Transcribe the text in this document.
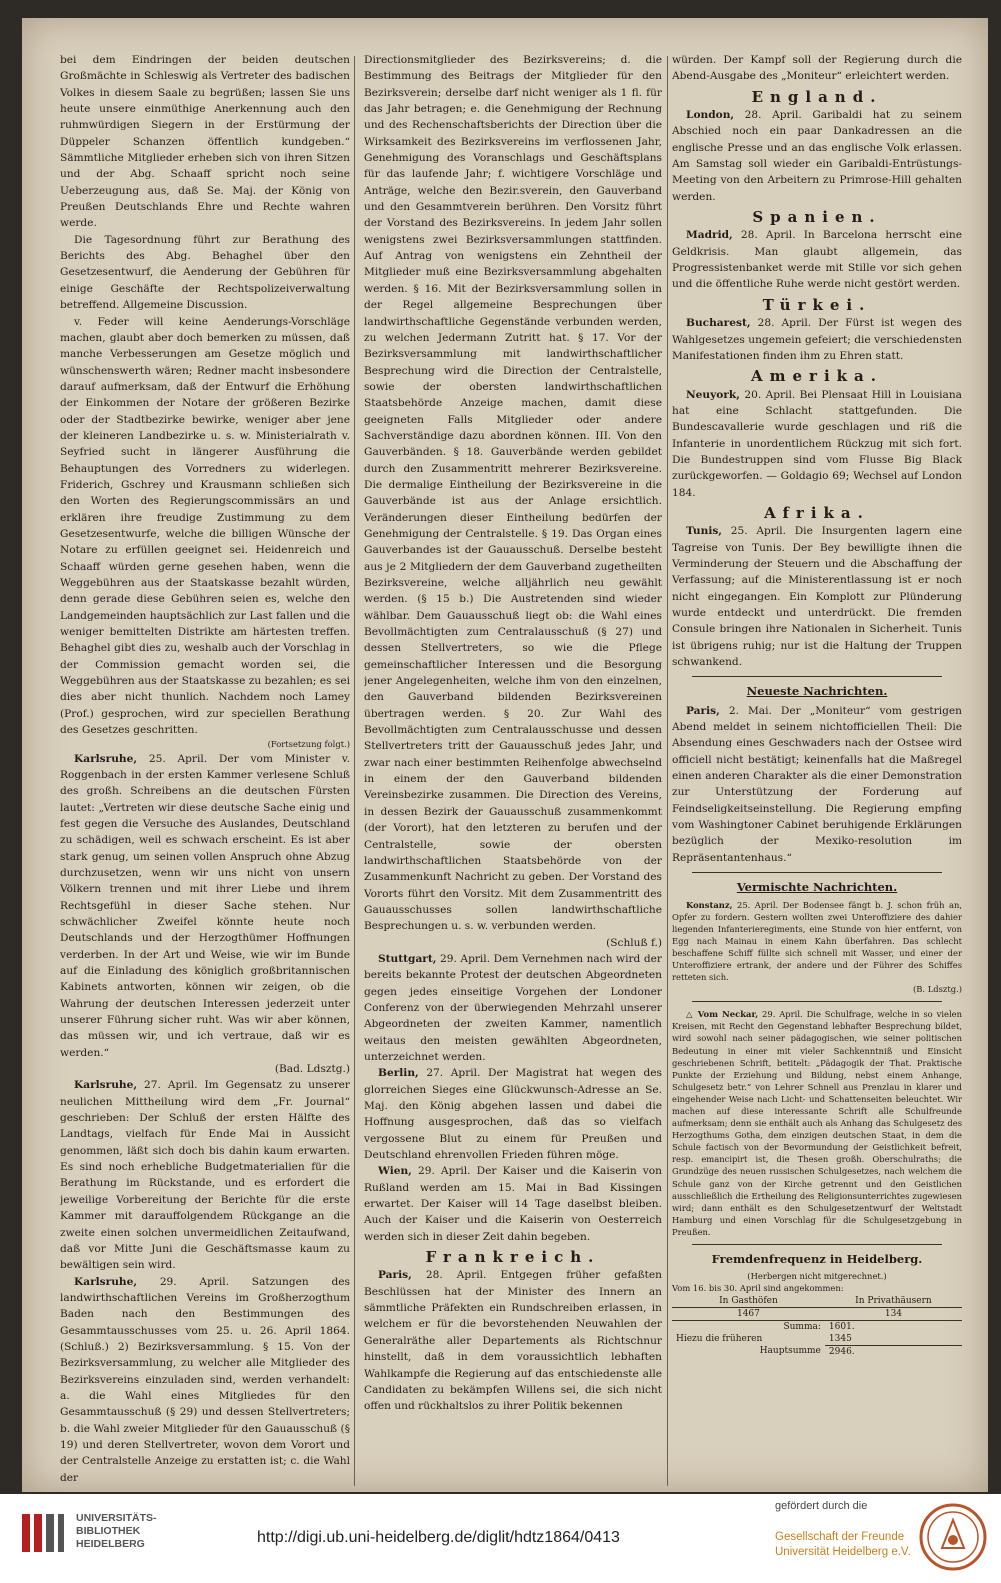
bei dem Eindringen der beiden deutschen Großmächte in Schleswig als Vertreter des badischen Volkes in diesem Saale zu begrüßen; lassen Sie uns heute unsere einmüthige Anerkennung auch den ruhmwürdigen Siegern in der Erstürmung der Düppeler Schanzen öffentlich kundgeben.“ Sämmtliche Mitglieder erheben sich von ihren Sitzen und der Abg. Schaaff spricht noch seine Ueberzeugung aus, daß Se. Maj. der König von Preußen Deutschlands Ehre und Rechte wahren werde.

Die Tagesordnung führt zur Berathung des Berichts des Abg. Behaghel über den Gesetzesentwurf, die Aenderung der Gebühren für einige Geschäfte der Rechtspolizeiverwaltung betreffend. Allgemeine Discussion.

v. Feder will keine Aenderungs-Vorschläge machen, glaubt aber doch bemerken zu müssen, daß manche Verbesserungen am Gesetze möglich und wünschenswerth wären; Redner macht insbesondere darauf aufmerksam, daß der Entwurf die Erhöhung der Einkommen der Notare der größeren Bezirke oder der Stadtbezirke bewirke, weniger aber jene der kleineren Landbezirke u. s. w. Ministerialrath v. Seyfried sucht in längerer Ausführung die Behauptungen des Vorredners zu widerlegen. Friderich, Gschrey und Krausmann schließen sich den Worten des Regierungscommissärs an und erklären ihre freudige Zustimmung zu dem Gesetzesentwurfe, welche die billigen Wünsche der Notare zu erfüllen geeignet sei. Heidenreich und Schaaff würden gerne gesehen haben, wenn die Weggebühren aus der Staatskasse bezahlt würden, denn gerade diese Gebühren seien es, welche den Landgemeinden hauptsächlich zur Last fallen und die weniger bemittelten Distrikte am härtesten treffen. Behaghel gibt dies zu, weshalb auch der Vorschlag in der Commission gemacht worden sei, die Weggebühren aus der Staatskasse zu bezahlen; es sei dies aber nicht thunlich. Nachdem noch Lamey (Prof.) gesprochen, wird zur speciellen Berathung des Gesetzes geschritten.

(Fortsetzung folgt.)

Karlsruhe, 25. April. Der vom Minister v. Roggenbach in der ersten Kammer verlesene Schluß des großh. Schreibens an die deutschen Fürsten lautet: „Vertreten wir diese deutsche Sache einig und fest gegen die Versuche des Auslandes, Deutschland zu schädigen, weil es schwach erscheint. Es ist aber stark genug, um seinen vollen Anspruch ohne Abzug durchzusetzen, wenn wir uns nicht von unsern Völkern trennen und mit ihrer Liebe und ihrem Rechtsgefühl in dieser Sache stehen. Nur schwächlicher Zweifel könnte heute noch Deutschlands und der Herzogthümer Hoffnungen verderben. In der Art und Weise, wie wir im Bunde auf die Einladung des königlich großbritannischen Kabinets antworten, können wir zeigen, ob die Wahrung der deutschen Interessen jederzeit unter unserer Führung sicher ruht. Was wir aber können, das müssen wir, und ich vertraue, daß wir es werden.“

(Bad. Ldsztg.)

Karlsruhe, 27. April. Im Gegensatz zu unserer neulichen Mittheilung wird dem „Fr. Journal“ geschrieben: Der Schluß der ersten Hälfte des Landtags, vielfach für Ende Mai in Aussicht genommen, läßt sich doch bis dahin kaum erwarten. Es sind noch erhebliche Budgetmaterialien für die Berathung im Rückstande, und es erfordert die jeweilige Vorbereitung der Berichte für die erste Kammer mit darauffolgendem Rückgange an die zweite einen solchen unvermeidlichen Zeitaufwand, daß vor Mitte Juni die Geschäftsmasse kaum zu bewältigen sein wird.

Karlsruhe, 29. April. Satzungen des landwirthschaftlichen Vereins im Großherzogthum Baden nach den Bestimmungen des Gesammtausschusses vom 25. u. 26. April 1864. (Schluß.) 2) Bezirksversammlung. § 15. Von der Bezirksversammlung, zu welcher alle Mitglieder des Bezirksvereins einzuladen sind, werden verhandelt: a. die Wahl eines Mitgliedes für den Gesammtausschuß (§ 29) und dessen Stellvertreters; b. die Wahl zweier Mitglieder für den Gauausschuß (§ 19) und deren Stellvertreter, wovon dem Vorort und der Centralstelle Anzeige zu erstatten ist; c. die Wahl der

Directionsmitglieder des Bezirksvereins; d. die Bestimmung des Beitrags der Mitglieder für den Bezirksverein; derselbe darf nicht weniger als 1 fl. für das Jahr betragen; e. die Genehmigung der Rechnung und des Rechenschaftsberichts der Direction über die Wirksamkeit des Bezirksvereins im verflossenen Jahr, Genehmigung des Voranschlags und Geschäftsplans für das laufende Jahr; f. wichtigere Vorschläge und Anträge, welche den Bezir.sverein, den Gauverband und den Gesammtverein berühren. Den Vorsitz führt der Vorstand des Bezirksvereins. In jedem Jahr sollen wenigstens zwei Bezirksversammlungen stattfinden. Auf Antrag von wenigstens ein Zehntheil der Mitglieder muß eine Bezirksversammlung abgehalten werden. § 16. Mit der Bezirksversammlung sollen in der Regel allgemeine Besprechungen über landwirthschaftliche Gegenstände verbunden werden, zu welchen Jedermann Zutritt hat. § 17. Vor der Bezirksversammlung mit landwirthschaftlicher Besprechung wird die Direction der Centralstelle, sowie der obersten landwirthschaftlichen Staatsbehörde Anzeige machen, damit diese geeigneten Falls Mitglieder oder andere Sachverständige dazu abordnen können. III. Von den Gauverbänden. § 18. Gauverbände werden gebildet durch den Zusammentritt mehrerer Bezirksvereine. Die dermalige Eintheilung der Bezirksvereine in die Gauverbände ist aus der Anlage ersichtlich. Veränderungen dieser Eintheilung bedürfen der Genehmigung der Centralstelle. § 19. Das Organ eines Gauverbandes ist der Gauausschuß. Derselbe besteht aus je 2 Mitgliedern der dem Gauverband zugetheilten Bezirksvereine, welche alljährlich neu gewählt werden. (§ 15 b.) Die Austretenden sind wieder wählbar. Dem Gauausschuß liegt ob: die Wahl eines Bevollmächtigten zum Centralausschuß (§ 27) und dessen Stellvertreters, so wie die Pflege gemeinschaftlicher Interessen und die Besorgung jener Angelegenheiten, welche ihm von den einzelnen, den Gauverband bildenden Bezirksvereinen übertragen werden. § 20. Zur Wahl des Bevollmächtigten zum Centralausschusse und dessen Stellvertreters tritt der Gauausschuß jedes Jahr, und zwar nach einer bestimmten Reihenfolge abwechselnd in einem der den Gauverband bildenden Vereinsbezirke zusammen. Die Direction des Vereins, in dessen Bezirk der Gauausschuß zusammenkommt (der Vorort), hat den letzteren zu berufen und der Centralstelle, sowie der obersten landwirthschaftlichen Staatsbehörde von der Zusammenkunft Nachricht zu geben. Der Vorstand des Vororts führt den Vorsitz. Mit dem Zusammentritt des Gauausschusses sollen landwirthschaftliche Besprechungen u. s. w. verbunden werden.

(Schluß f.)

Stuttgart, 29. April. Dem Vernehmen nach wird der bereits bekannte Protest der deutschen Abgeordneten gegen jedes einseitige Vorgehen der Londoner Conferenz von der überwiegenden Mehrzahl unserer Abgeordneten der zweiten Kammer, namentlich weitaus den meisten gewählten Abgeordneten, unterzeichnet werden.

Berlin, 27. April. Der Magistrat hat wegen des glorreichen Sieges eine Glückwunsch-Adresse an Se. Maj. den König abgehen lassen und dabei die Hoffnung ausgesprochen, daß das so vielfach vergossene Blut zu einem für Preußen und Deutschland ehrenvollen Frieden führen möge.

Wien, 29. April. Der Kaiser und die Kaiserin von Rußland werden am 15. Mai in Bad Kissingen erwartet. Der Kaiser will 14 Tage daselbst bleiben. Auch der Kaiser und die Kaiserin von Oesterreich werden sich in dieser Zeit dahin begeben.

Frankreich.

Paris, 28. April. Entgegen früher gefaßten Beschlüssen hat der Minister des Innern an sämmtliche Präfekten ein Rundschreiben erlassen, in welchem er für die bevorstehenden Neuwahlen der Generalräthe aller Departements als Richtschnur hinstellt, daß in dem voraussichtlich lebhaften Wahlkampfe die Regierung auf das entschiedenste alle Candidaten zu bekämpfen Willens sei, die sich nicht offen und rückhaltslos zu ihrer Politik bekennen

würden. Der Kampf soll der Regierung durch die Abend-Ausgabe des „Moniteur“ erleichtert werden.

England.

London, 28. April. Garibaldi hat zu seinem Abschied noch ein paar Dankadressen an die englische Presse und an das englische Volk erlassen. Am Samstag soll wieder ein Garibaldi-Entrüstungs-Meeting von den Arbeitern zu Primrose-Hill gehalten werden.

Spanien.

Madrid, 28. April. In Barcelona herrscht eine Geldkrisis. Man glaubt allgemein, das Progressistenbanket werde mit Stille vor sich gehen und die öffentliche Ruhe werde nicht gestört werden.

Türkei.

Bucharest, 28. April. Der Fürst ist wegen des Wahlgesetzes ungemein gefeiert; die verschiedensten Manifestationen finden ihm zu Ehren statt.

Amerika.

Neuyork, 20. April. Bei Plensaat Hill in Louisiana hat eine Schlacht stattgefunden. Die Bundescavallerie wurde geschlagen und riß die Infanterie in unordentlichem Rückzug mit sich fort. Die Bundestruppen sind vom Flusse Big Black zurückgeworfen. — Goldagio 69; Wechsel auf London 184.

Afrika.

Tunis, 25. April. Die Insurgenten lagern eine Tagreise von Tunis. Der Bey bewilligte ihnen die Verminderung der Steuern und die Abschaffung der Verfassung; auf die Ministerentlassung ist er noch nicht eingegangen. Ein Komplott zur Plünderung wurde entdeckt und unterdrückt. Die fremden Consule bringen ihre Nationalen in Sicherheit. Tunis ist übrigens ruhig; nur ist die Haltung der Truppen schwankend.

Neueste Nachrichten.

Paris, 2. Mai. Der „Moniteur“ vom gestrigen Abend meldet in seinem nichtofficiellen Theil: Die Absendung eines Geschwaders nach der Ostsee wird officiell nicht bestätigt; keinenfalls hat die Maßregel einen anderen Charakter als die einer Demonstration zur Unterstützung der Forderung auf Feindseligkeitseinstellung. Die Regierung empfing vom Washingtoner Cabinet beruhigende Erklärungen bezüglich der Mexiko-resolution im Repräsentantenhaus.“

Vermischte Nachrichten.

Konstanz, 25. April. Der Bodensee fängt b. J. schon früh an, Opfer zu fordern. Gestern wollten zwei Unteroffiziere des dahier liegenden Infanterieregiments, eine Stunde von hier entfernt, von Egg nach Mainau in einem Kahn überfahren. Das schlecht beschaffene Schiff füllte sich schnell mit Wasser, und einer der Unteroffiziere ertrank, der andere und der Führer des Schiffes retteten sich.

(B. Ldsztg.)

△ Vom Neckar, 29. April. Die Schulfrage, welche in so vielen Kreisen, mit Recht den Gegenstand lebhafter Besprechung bildet, wird sowohl nach seiner pädagogischen, wie seiner politischen Bedeutung in einer mit vieler Sachkenntniß und Einsicht geschriebenen Schrift, betitelt: „Pädagogik der That. Praktische Punkte der Erziehung und Bildung, nebst einem Anhange, Schulgesetz betr.“ von Lehrer Schnell aus Prenzlau in klarer und eingehender Weise nach Licht- und Schattenseiten beleuchtet. Wir machen auf diese interessante Schrift alle Schulfreunde aufmerksam; denn sie enthält auch als Anhang das Schulgesetz des Herzogthums Gotha, dem einzigen deutschen Staat, in dem die Schule factisch von der Bevormundung der Geistlichkeit befreit, resp. emancipirt ist, die Thesen großh. Oberschulraths; die Grundzüge des neuen russischen Schulgesetzes, nach welchem die Schule ganz von der Kirche getrennt und den Geistlichen ausschließlich die Ertheilung des Religionsunterrichtes zugewiesen wird; dann enthält es den Schulgesetzentwurf der Weltstadt Hamburg und einen Vorschlag für die Schulgesetzgebung in Preußen.

Fremdenfrequenz in Heidelberg.
(Herbergen nicht mitgerechnet.)
Vom 16. bis 30. April sind angekommen:
In Gasthöfen	In Privathäusern
1467	134
Summa:	1601.
Hiezu die früheren	1345
Hauptsumme	2946.
UNIVERSITÄTS-
BIBLIOTHEK
HEIDELBERG	http://digi.ub.uni-heidelberg.de/diglit/hdtz1864/0413
gefördert durch die
Gesellschaft der Freunde
Universität Heidelberg e.V.
